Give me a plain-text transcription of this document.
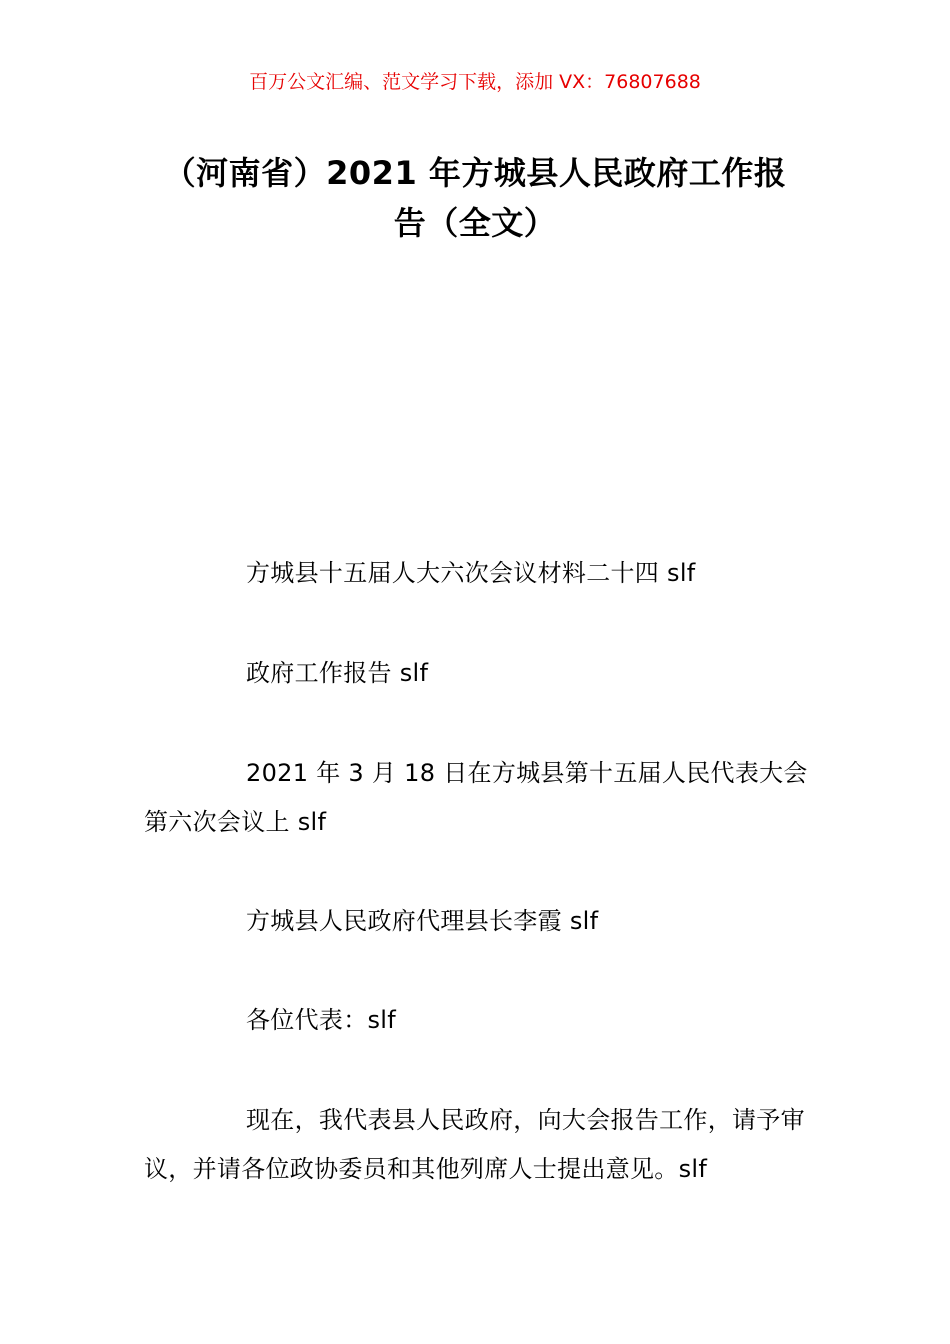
百万公文汇编、范文学习下载，添加 VX：76807688
（河南省）2021 年方城县人民政府工作报
告（全文）
方城县十五届人大六次会议材料二十四 slf
政府工作报告 slf
2021 年 3 月 18 日在方城县第十五届人民代表大会第六次会议上 slf
方城县人民政府代理县长李霞 slf
各位代表：slf
现在，我代表县人民政府，向大会报告工作，请予审议，并请各位政协委员和其他列席人士提出意见。slf
